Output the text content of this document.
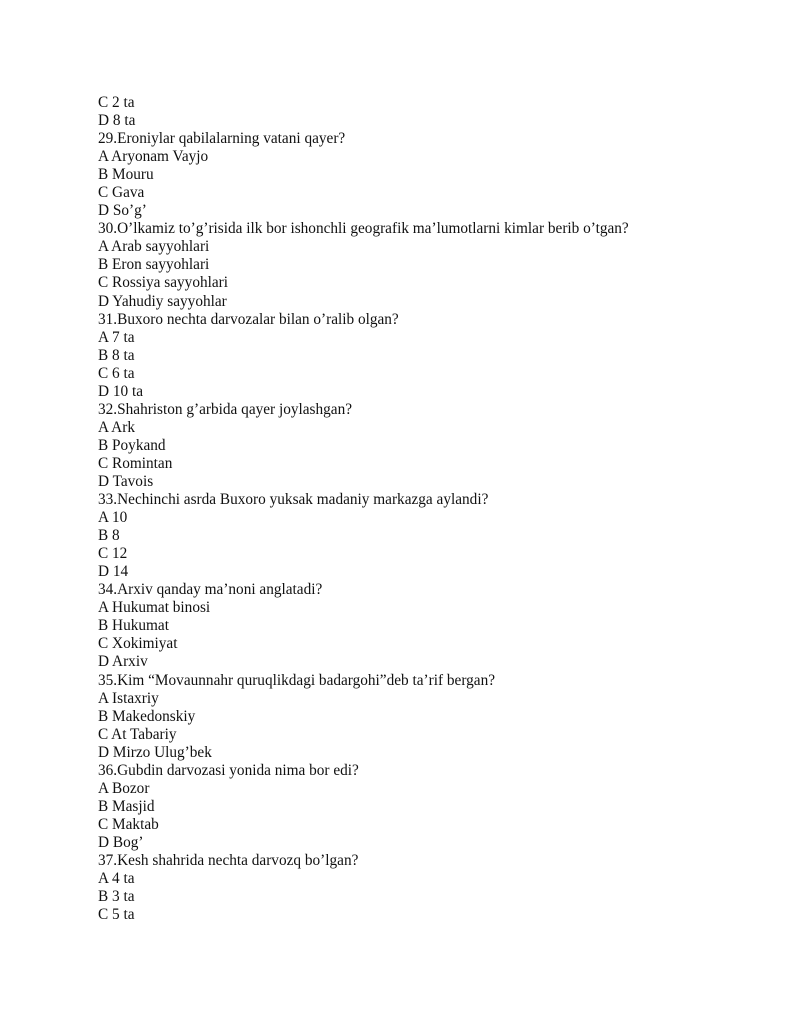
C 2 ta
D 8 ta
29.Eroniylar qabilalarning vatani qayer?
A Aryonam Vayjo
B Mouru
C Gava
D So’g’
30.O’lkamiz to’g’risida ilk bor ishonchli geografik ma’lumotlarni kimlar berib o’tgan?
A Arab sayyohlari
B Eron sayyohlari
C Rossiya sayyohlari
D Yahudiy sayyohlar
31.Buxoro nechta darvozalar bilan o’ralib olgan?
A 7 ta
B 8 ta
C 6 ta
D 10 ta
32.Shahriston g’arbida qayer joylashgan?
A Ark
B Poykand
C Romintan
D Tavois
33.Nechinchi asrda Buxoro yuksak madaniy markazga aylandi?
A 10
B 8
C 12
D 14
34.Arxiv qanday ma’noni anglatadi?
A Hukumat binosi
B Hukumat
C Xokimiyat
D Arxiv
35.Kim “Movaunnahr quruqlikdagi badargohi”deb ta’rif bergan?
A Istaxriy
B Makedonskiy
C At Tabariy
D Mirzo Ulug’bek
36.Gubdin darvozasi yonida nima bor edi?
A Bozor
B Masjid
C Maktab
D Bog’
37.Kesh shahrida nechta darvozq bo’lgan?
A 4 ta
B 3 ta
C 5 ta
